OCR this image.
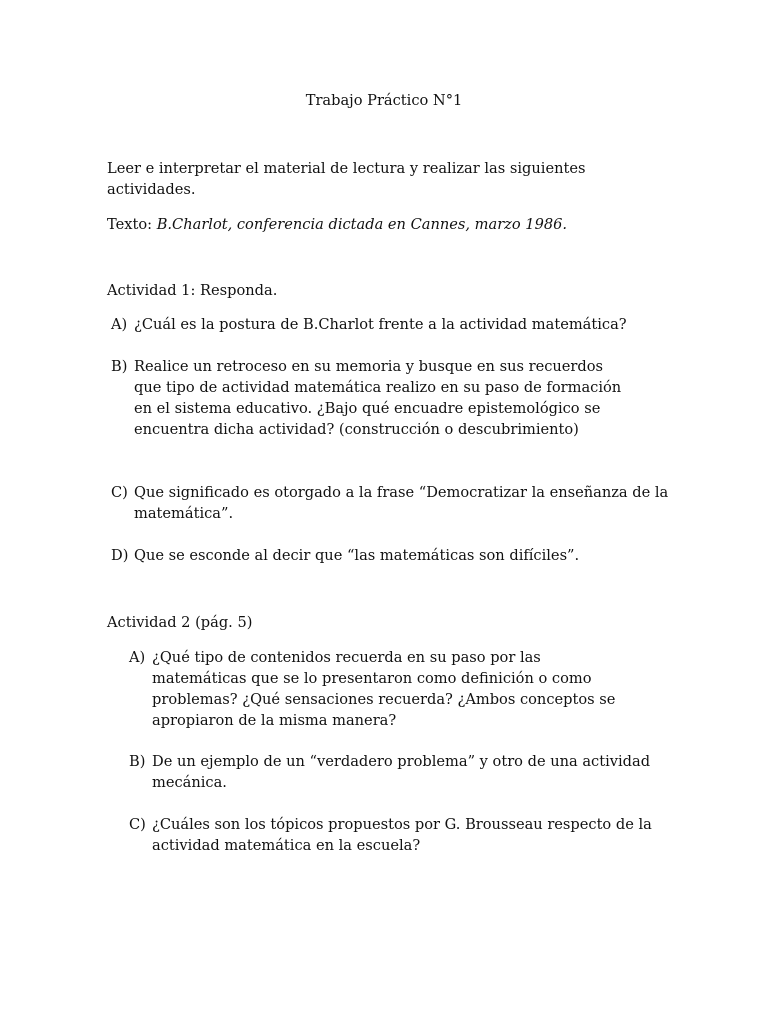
Trabajo Práctico N°1
Leer e interpretar el material de lectura y realizar las siguientes actividades.
Texto: B.Charlot, conferencia dictada en Cannes, marzo 1986.
Actividad 1: Responda.
A) ¿Cuál es la postura de B.Charlot frente a la actividad matemática?
B) Realice un retroceso en su memoria y busque en sus recuerdos que tipo de actividad matemática realizo en su paso de formación en el sistema educativo. ¿Bajo qué encuadre epistemológico se encuentra dicha actividad? (construcción o descubrimiento)
C) Que significado es otorgado a la frase “Democratizar la enseñanza de la matemática”.
D) Que se esconde al decir que “las matemáticas son difíciles”.
Actividad 2 (pág. 5)
A) ¿Qué tipo de contenidos recuerda en su paso por las matemáticas que se lo presentaron como definición o como problemas? ¿Qué sensaciones recuerda? ¿Ambos conceptos se apropiaron de la misma manera?
B) De un ejemplo de un “verdadero problema” y otro de una actividad mecánica.
C) ¿Cuáles son los tópicos propuestos por G. Brousseau respecto de la actividad matemática en la escuela?
